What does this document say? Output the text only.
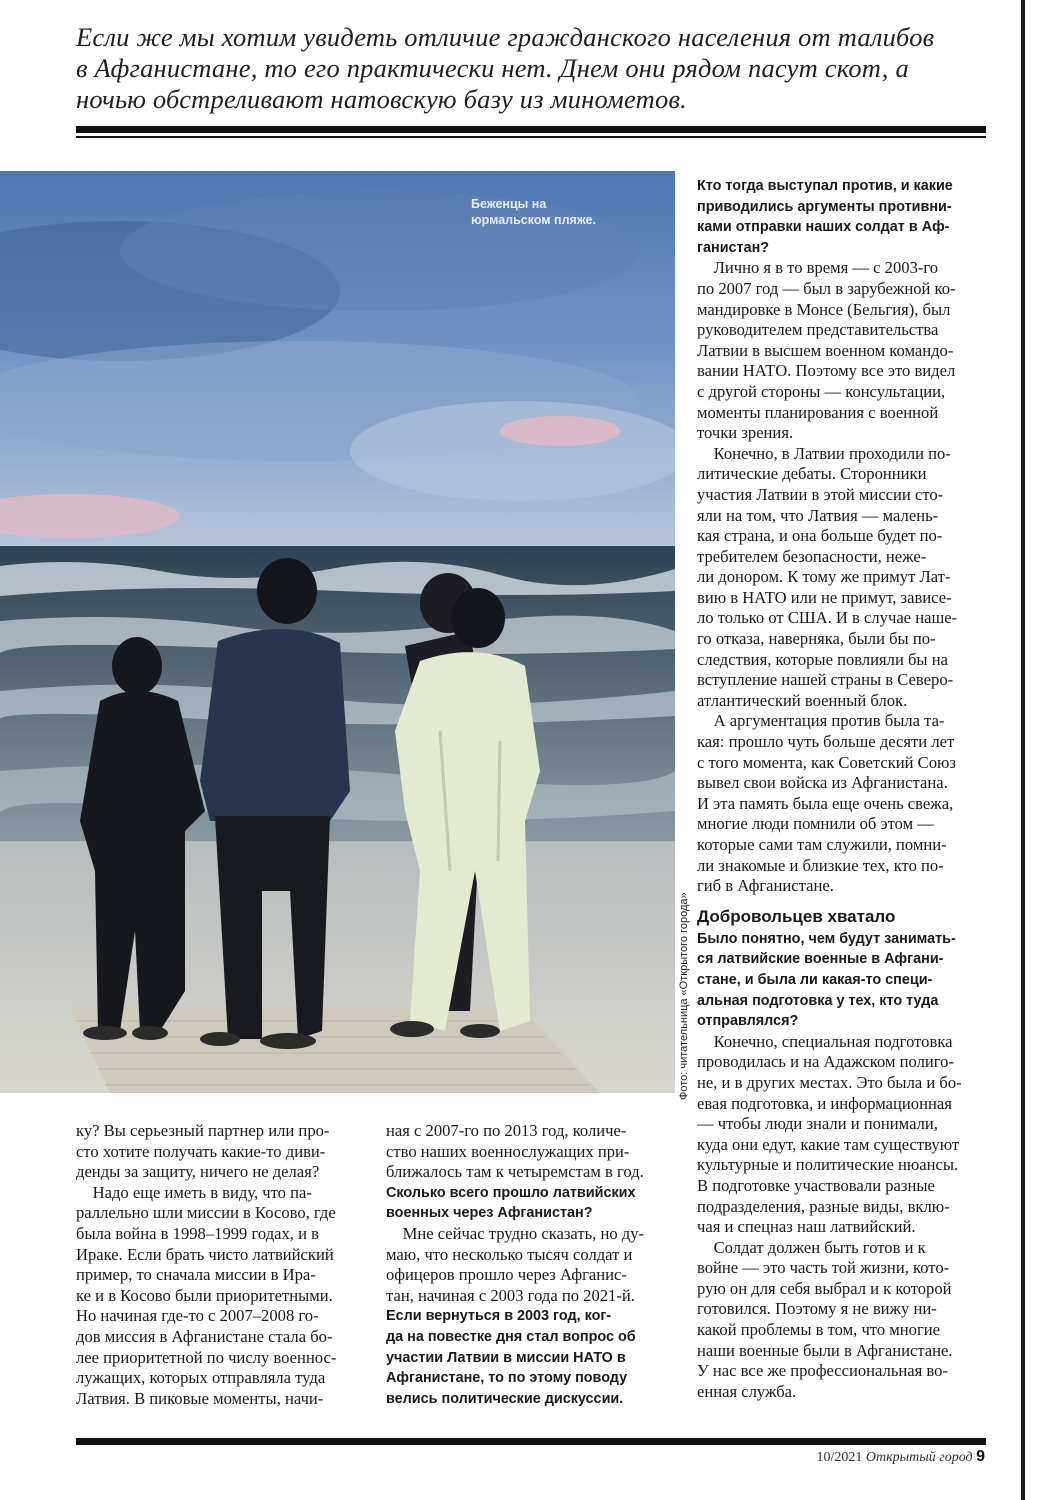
Если же мы хотим увидеть отличие гражданского населения от талибов

в Афганистане, то его практически нет. Днем они рядом пасут скот, а

ночью обстреливают натовскую базу из минометов.

Беженцы на
юрмальском пляже.
Фото: читательница «Открытого города»
Кто тогда выступал против, и какие
приводились аргументы противни-
ками отправки наших солдат в Аф-
ганистан?
Лично я в то время — с 2003-го
по 2007 год — был в зарубежной ко-
мандировке в Монсе (Бельгия), был
руководителем представительства
Латвии в высшем военном командо-
вании НАТО. Поэтому все это видел
с другой стороны — консультации,
моменты планирования с военной
точки зрения.
Конечно, в Латвии проходили по-
литические дебаты. Сторонники
участия Латвии в этой миссии сто-
яли на том, что Латвия — малень-
кая страна, и она больше будет по-
требителем безопасности, неже-
ли донором. К тому же примут Лат-
вию в НАТО или не примут, зависе-
ло только от США. И в случае наше-
го отказа, наверняка, были бы по-
следствия, которые повлияли бы на
вступление нашей страны в Северо-
атлантический военный блок.
А аргументация против была та-
кая: прошло чуть больше десяти лет
с того момента, как Советский Союз
вывел свои войска из Афганистана.
И эта память была еще очень свежа,
многие люди помнили об этом —
которые сами там служили, помни-
ли знакомые и близкие тех, кто по-
гиб в Афганистане.
Добровольцев хватало
Было понятно, чем будут занимать-
ся латвийские военные в Афгани-
стане, и была ли какая-то специ-
альная подготовка у тех, кто туда
отправлялся?
Конечно, специальная подготовка
проводилась и на Адажском полиго-
не, и в других местах. Это была и бо-
евая подготовка, и информационная
— чтобы люди знали и понимали,
куда они едут, какие там существуют
культурные и политические нюансы.
В подготовке участвовали разные
подразделения, разные виды, вклю-
чая и спецназ наш латвийский.
Солдат должен быть готов и к
войне — это часть той жизни, кото-
рую он для себя выбрал и к которой
готовился. Поэтому я не вижу ни-
какой проблемы в том, что многие
наши военные были в Афганистане.
У нас все же профессиональная во-
енная служба.
ку? Вы серьезный партнер или про-
сто хотите получать какие-то диви-
денды за защиту, ничего не делая?
Надо еще иметь в виду, что па-
раллельно шли миссии в Косово, где
была война в 1998–1999 годах, и в
Ираке. Если брать чисто латвийский
пример, то сначала миссии в Ира-
ке и в Косово были приоритетными.
Но начиная где-то с 2007–2008 го-
дов миссия в Афганистане стала бо-
лее приоритетной по числу военнос-
лужащих, которых отправляла туда
Латвия. В пиковые моменты, начи-
ная с 2007-го по 2013 год, количе-
ство наших военнослужащих при-
ближалось там к четыремстам в год.
Сколько всего прошло латвийских
военных через Афганистан?
Мне сейчас трудно сказать, но ду-
маю, что несколько тысяч солдат и
офицеров прошло через Афганис-
тан, начиная с 2003 года по 2021-й.
Если вернуться в 2003 год, ког-
да на повестке дня стал вопрос об
участии Латвии в миссии НАТО в
Афганистане, то по этому поводу
велись политические дискуссии.
10/2021 Открытый город 9
